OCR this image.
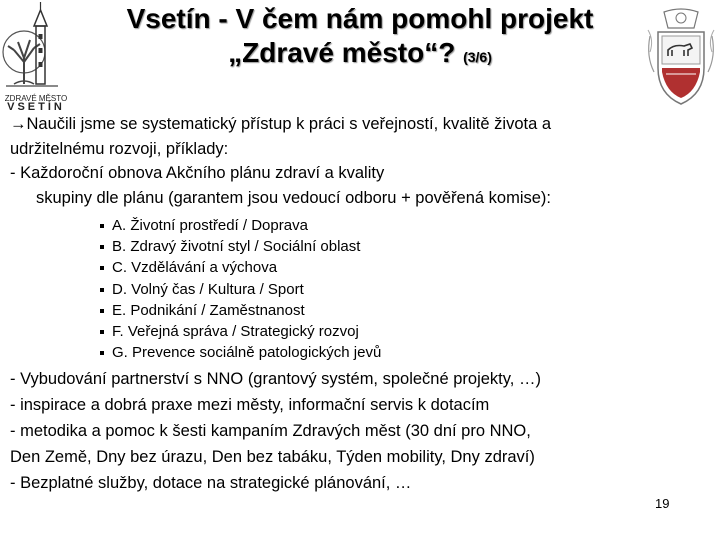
ZDRAVÉ MĚSTO
VSETÍN
Vsetín - V čem nám pomohl projekt
„Zdravé město“? (3/6)

→Naučili jsme se systematický přístup k práci s veřejností, kvalitě života a
udržitelnému rozvoji, příklady:

- Každoroční obnova Akčního plánu zdraví a kvality

skupiny dle plánu (garantem jsou vedoucí odboru + pověřená komise):

A. Životní prostředí / Doprava
B. Zdravý životní styl / Sociální oblast
C. Vzdělávání a výchova
D. Volný čas / Kultura / Sport
E. Podnikání / Zaměstnanost
F. Veřejná správa / Strategický rozvoj
G. Prevence sociálně patologických jevů

- Vybudování partnerství s NNO (grantový systém, společné projekty, …)

- inspirace a dobrá praxe mezi městy, informační servis k dotacím

- metodika a pomoc k šesti kampaním Zdravých měst (30 dní pro NNO,

Den Země, Dny bez úrazu, Den bez tabáku, Týden mobility, Dny zdraví)

- Bezplatné služby, dotace na strategické plánování, …

19
